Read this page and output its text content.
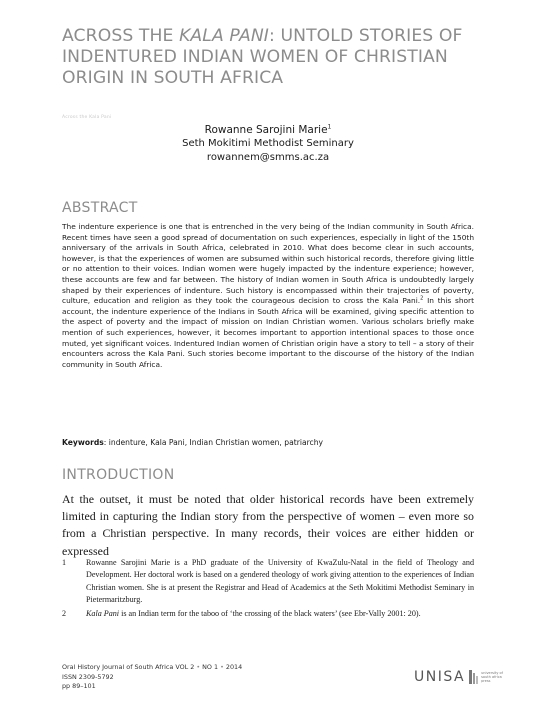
ACROSS THE KALA PANI: UNTOLD STORIES OF
INDENTURED INDIAN WOMEN OF CHRISTIAN
ORIGIN IN SOUTH AFRICA
Across the Kala Pani
Rowanne Sarojini Marie$^1$
Seth Mokitimi Methodist Seminary
rowannem@smms.ac.za
ABSTRACT

The indenture experience is one that is entrenched in the very being of the Indian community in South Africa. Recent times have seen a good spread of documentation on such experiences, especially in light of the 150th anniversary of the arrivals in South Africa, celebrated in 2010. What does become clear in such accounts, however, is that the experiences of women are subsumed within such historical records, therefore giving little or no attention to their voices. Indian women were hugely impacted by the indenture experience; however, these accounts are few and far between. The history of Indian women in South Africa is undoubtedly largely shaped by their experiences of indenture. Such history is encompassed within their trajectories of poverty, culture, education and religion as they took the courageous decision to cross the Kala Pani.$^2$ In this short account, the indenture experience of the Indians in South Africa will be examined, giving specific attention to the aspect of poverty and the impact of mission on Indian Christian women. Various scholars briefly make mention of such experiences, however, it becomes important to apportion intentional spaces to those once muted, yet significant voices. Indentured Indian women of Christian origin have a story to tell – a story of their encounters across the Kala Pani. Such stories become important to the discourse of the history of the Indian community in South Africa.

Keywords: indenture, Kala Pani, Indian Christian women, patriarchy

INTRODUCTION

At the outset, it must be noted that older historical records have been extremely limited in capturing the Indian story from the perspective of women – even more so from a Christian perspective. In many records, their voices are either hidden or expressed

1 Rowanne Sarojini Marie is a PhD graduate of the University of KwaZulu-Natal in the field of Theology and Development. Her doctoral work is based on a gendered theology of work giving attention to the experiences of Indian Christian women. She is at present the Registrar and Head of Academics at the Seth Mokitimi Methodist Seminary in Pietermaritzburg.

2 Kala Pani is an Indian term for the taboo of ‘the crossing of the black waters’ (see Ebr-Vally 2001: 20).

Oral History Journal of South Africa VOL 2 • NO 1 • 2014
ISSN 2309-5792
pp 89–101
UNISA	university of south africa press
